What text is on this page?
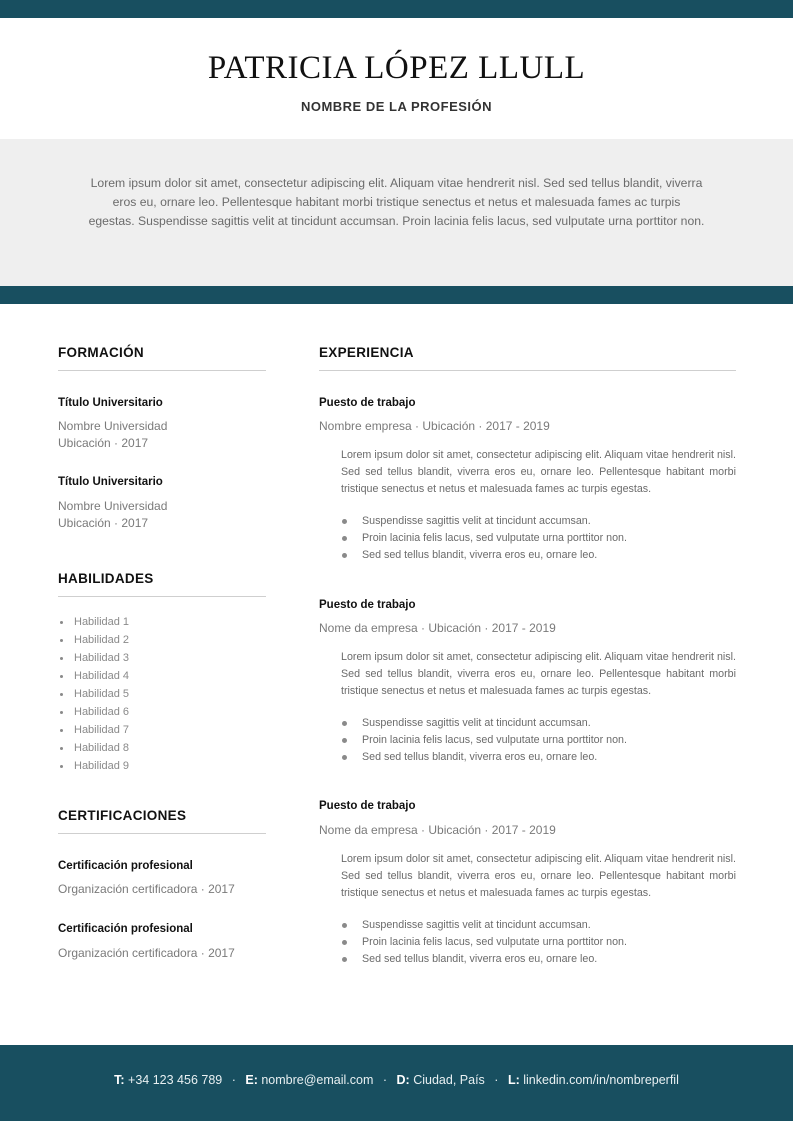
PATRICIA LÓPEZ LLULL
NOMBRE DE LA PROFESIÓN
Lorem ipsum dolor sit amet, consectetur adipiscing elit. Aliquam vitae hendrerit nisl. Sed sed tellus blandit, viverra eros eu, ornare leo. Pellentesque habitant morbi tristique senectus et netus et malesuada fames ac turpis egestas. Suspendisse sagittis velit at tincidunt accumsan. Proin lacinia felis lacus, sed vulputate urna porttitor non.
FORMACIÓN
Título Universitario
Nombre Universidad
Ubicación · 2017
Título Universitario
Nombre Universidad
Ubicación · 2017
HABILIDADES
Habilidad 1
Habilidad 2
Habilidad 3
Habilidad 4
Habilidad 5
Habilidad 6
Habilidad 7
Habilidad 8
Habilidad 9
CERTIFICACIONES
Certificación profesional
Organización certificadora · 2017
Certificación profesional
Organización certificadora · 2017
EXPERIENCIA
Puesto de trabajo
Nombre empresa · Ubicación · 2017 - 2019

Lorem ipsum dolor sit amet, consectetur adipiscing elit. Aliquam vitae hendrerit nisl. Sed sed tellus blandit, viverra eros eu, ornare leo. Pellentesque habitant morbi tristique senectus et netus et malesuada fames ac turpis egestas.

Suspendisse sagittis velit at tincidunt accumsan.
Proin lacinia felis lacus, sed vulputate urna porttitor non.
Sed sed tellus blandit, viverra eros eu, ornare leo.
Puesto de trabajo
Nome da empresa · Ubicación · 2017 - 2019

Lorem ipsum dolor sit amet, consectetur adipiscing elit. Aliquam vitae hendrerit nisl. Sed sed tellus blandit, viverra eros eu, ornare leo. Pellentesque habitant morbi tristique senectus et netus et malesuada fames ac turpis egestas.

Suspendisse sagittis velit at tincidunt accumsan.
Proin lacinia felis lacus, sed vulputate urna porttitor non.
Sed sed tellus blandit, viverra eros eu, ornare leo.
Puesto de trabajo
Nome da empresa · Ubicación · 2017 - 2019

Lorem ipsum dolor sit amet, consectetur adipiscing elit. Aliquam vitae hendrerit nisl. Sed sed tellus blandit, viverra eros eu, ornare leo. Pellentesque habitant morbi tristique senectus et netus et malesuada fames ac turpis egestas.

Suspendisse sagittis velit at tincidunt accumsan.
Proin lacinia felis lacus, sed vulputate urna porttitor non.
Sed sed tellus blandit, viverra eros eu, ornare leo.
T: +34 123 456 789 · E: nombre@email.com · D: Ciudad, País · L: linkedin.com/in/nombreperfil
